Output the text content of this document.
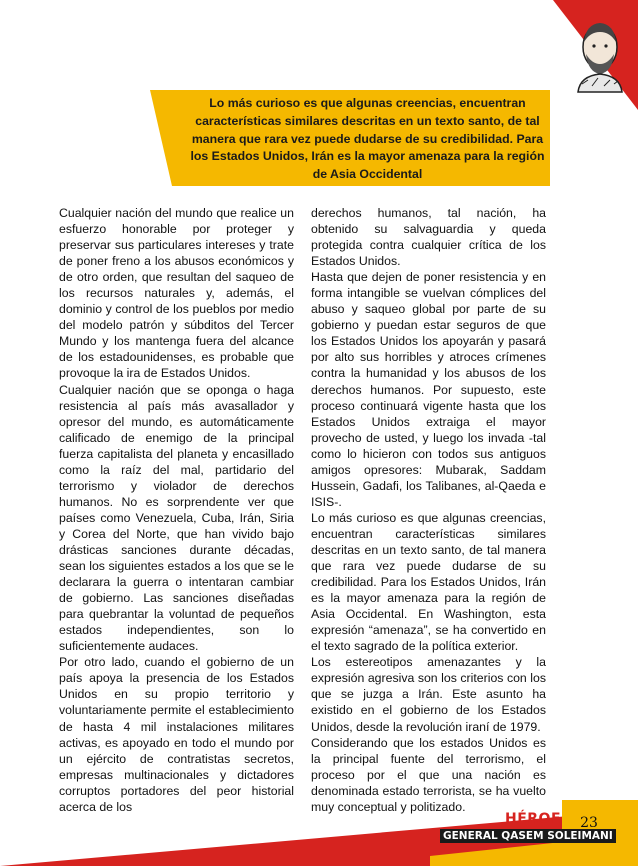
Lo más curioso es que algunas creencias, encuentran características similares descritas en un texto santo, de tal manera que rara vez puede dudarse de su credibilidad. Para los Estados Unidos, Irán es la mayor amenaza para la región de Asia Occidental

Cualquier nación del mundo que realice un esfuerzo honorable por proteger y preservar sus particulares intereses y trate de poner freno a los abusos económicos y de otro orden, que resultan del saqueo de los recursos naturales y, además, el dominio y control de los pueblos por medio del modelo patrón y súbditos del Tercer Mundo y los mantenga fuera del alcance de los estadounidenses, es probable que provoque la ira de Estados Unidos.

Cualquier nación que se oponga o haga resistencia al país más avasallador y opresor del mundo, es automáticamente calificado de enemigo de la principal fuerza capitalista del planeta y encasillado como la raíz del mal, partidario del terrorismo y violador de derechos humanos. No es sorprendente ver que países como Venezuela, Cuba, Irán, Siria y Corea del Norte, que han vivido bajo drásticas sanciones durante décadas, sean los siguientes estados a los que se le declarara la guerra o intentaran cambiar de gobierno. Las sanciones diseñadas para quebrantar la voluntad de pequeños estados independientes, son lo suficientemente audaces.

Por otro lado, cuando el gobierno de un país apoya la presencia de los Estados Unidos en su propio territorio y voluntariamente permite el establecimiento de hasta 4 mil instalaciones militares activas, es apoyado en todo el mundo por un ejército de contratistas secretos, empresas multinacionales y dictadores corruptos portadores del peor historial acerca de los

derechos humanos, tal nación, ha obtenido su salvaguardia y queda protegida contra cualquier crítica de los Estados Unidos.

Hasta que dejen de poner resistencia y en forma intangible se vuelvan cómplices del abuso y saqueo global por parte de su gobierno y puedan estar seguros de que los Estados Unidos los apoyarán y pasará por alto sus horribles y atroces crímenes contra la humanidad y los abusos de los derechos humanos. Por supuesto, este proceso continuará vigente hasta que los Estados Unidos extraiga el mayor provecho de usted, y luego los invada -tal como lo hicieron con todos sus antiguos amigos opresores: Mubarak, Saddam Hussein, Gadafi, los Talibanes, al-Qaeda e ISIS-.

Lo más curioso es que algunas creencias, encuentran características similares descritas en un texto santo, de tal manera que rara vez puede dudarse de su credibilidad. Para los Estados Unidos, Irán es la mayor amenaza para la región de Asia Occidental. En Washington, esta expresión “amenaza”, se ha convertido en el texto sagrado de la política exterior.

Los estereotipos amenazantes y la expresión agresiva son los criterios con los que se juzga a Irán. Este asunto ha existido en el gobierno de los Estados Unidos, desde la revolución iraní de 1979.

Considerando que los estados Unidos es la principal fuente del terrorismo, el proceso por el que una nación es denominada estado terrorista, se ha vuelto muy conceptual y politizado.

HÉROE
GENERAL QASEM SOLEIMANI
23
